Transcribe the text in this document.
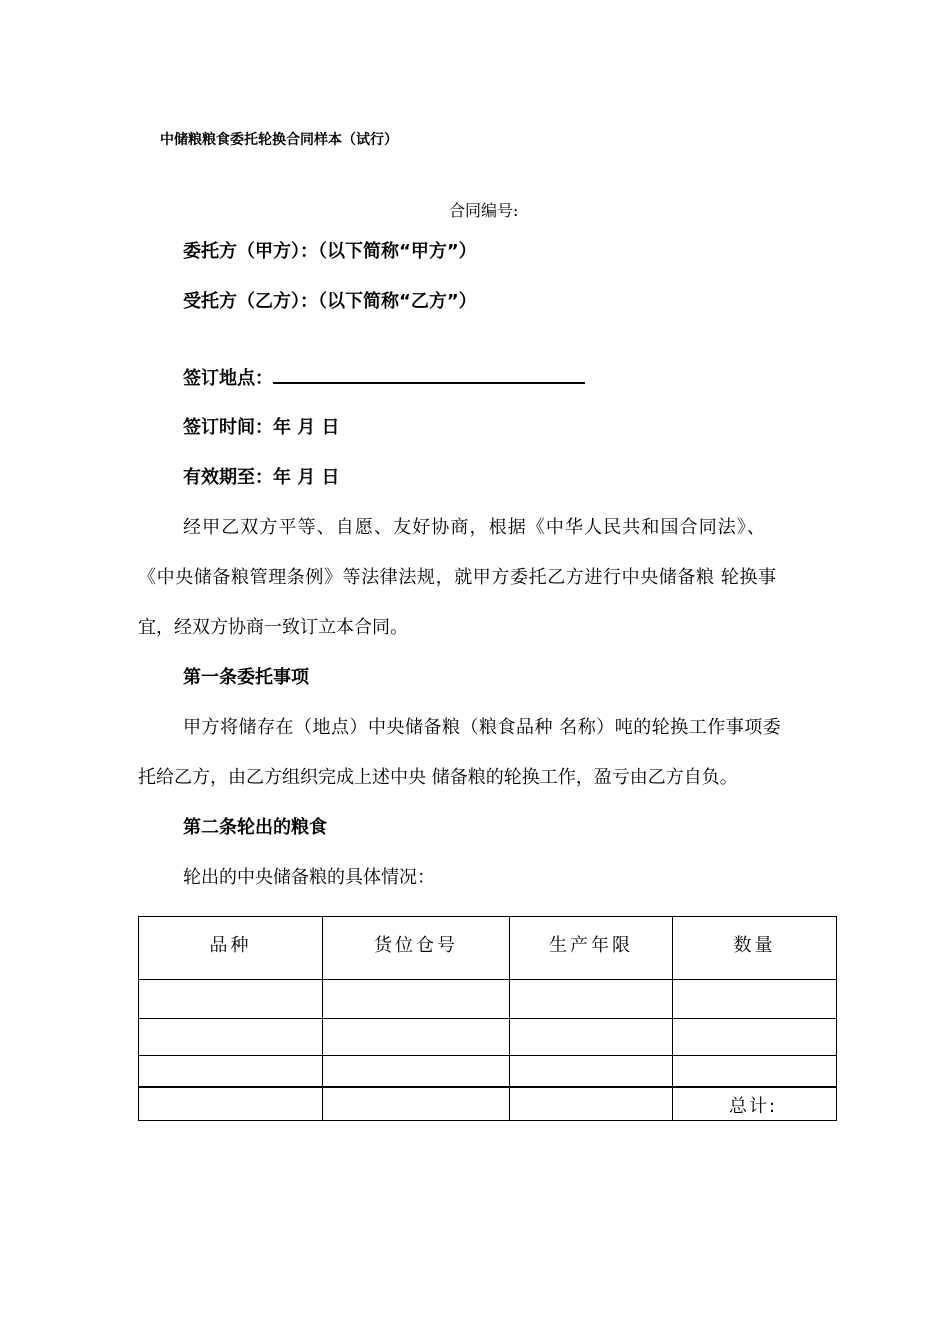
中储粮粮食委托轮换合同样本（试行）
合同编号:
委托方（甲方）：（以下简称“甲方”）
受托方（乙方）：（以下简称“乙方”）
签订地点：
签订时间：年 月 日
有效期至：年 月 日
经甲乙双方平等、自愿、友好协商，根据《中华人民共和国合同法》、
《中央储备粮管理条例》等法律法规，就甲方委托乙方进行中央储备粮 轮换事
宜，经双方协商一致订立本合同。
第一条委托事项
甲方将储存在（地点）中央储备粮（粮食品种 名称）吨的轮换工作事项委
托给乙方，由乙方组织完成上述中央 储备粮的轮换工作，盈亏由乙方自负。
第二条轮出的粮食
轮出的中央储备粮的具体情况：
品种	货位仓号	生产年限	数量

			总计:
